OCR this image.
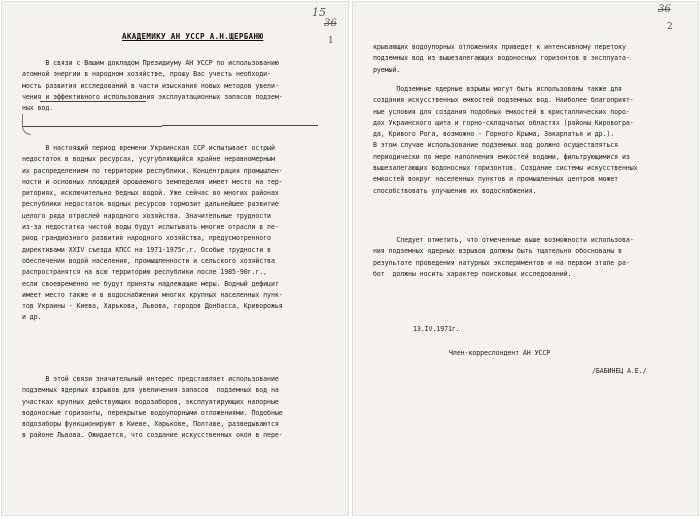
15
36
1
АКАДЕМИКУ АН УССР А.Н.ЩЕРБАНЮ

В связи с Вашим докладом Президиуму АН УССР по использованию
атомной энергии в народном хозяйстве, прошу Вас учесть необходи-
мость развития исследований в части изыскания новых методов увели-
чения и эффективного использования эксплуатационных запасов подзем-
ных вод.

В настоящий период времени Украинская ССР испытывает острый
недостаток в водных ресурсах, усугубляющийся крайне неравномерным
их распределением по территории республики. Концентрация промышлен-
ности и основных площадей орошаемого земледелия имеет место на тер-
риториях, исключительно бедных водой. Уже сейчас во многих районах
республики недостаток водных ресурсов тормозит дальнейшее развитие
целого ряда отраслей народного хозяйства. Значительные трудности
из-за недостатка чистой воды будут испытывать многие отрасли в пе-
риод грандиозного развития народного хозяйства, предусмотренного
директивами XXIV съезда КПСС на 1971-1975г.г. Особые трудности в
обеспечении водой населения, промышленности и сельского хозяйства
распространятся на всю территорию республики после 1985-90г.г.,
если своевременно не будут приняты надлежащие меры. Водный дефицит
имеет место также и в водоснабжении многих крупных населенных пунк-
тов Украины - Киева, Харькова, Львова, городов Донбасса, Криворожья
и др.

В этой связи значительный интерес представляет использование
подземных ядерных взрывов для увеличения запасов  подземных вод на
участках крупных действующих водозаборов, эксплуатирующих напорные
водоносные горизонты, перекрытые водоупорными отложениями. Подобные
водозаборы функционируют в Киеве, Харькове, Полтаве, разведываются
в районе Львова. Ожидается, что создание искусственных окон в пере-

36
2

крывающих водоупорных отложениях приведет к интенсивному перетоку
подземных вод из вышезалегающих водоносных горизонтов в эксплуата-
руемый.

Подземные ядерные взрывы могут быть использованы также для
создания искусственных емкостей подземных вод. Наиболее благоприят-
ные условия для создания подобных емкостей в кристаллических поро-
дах Украинского щита и горно-складчатых областях (районы Кировогра-
да, Кривого Рога, возможно - Горного Крыма, Закарпатья и др.).
В этом случае использование подземных вод должно осуществляться
периодически по мере наполнения емкостей водами, фильтрующимися из
вышезалегающих водоносных горизонтов. Создание системы искусственных
емкостей вокруг населенных пунктов и промышленных центров может
способствовать улучшению их водоснабжения.

Следует отметить, что отмеченные выше возможности использова-
ния подземных ядерных взрывов должны быть тщательно обоснованы в
результате проведения натурных экспериментов и на первом этапе ра-
бот  должны носить характер поисковых исследований.

13.IV.1971г.
Член-корреспондент АН УССР
/БАБИНЕЦ А.Е./
